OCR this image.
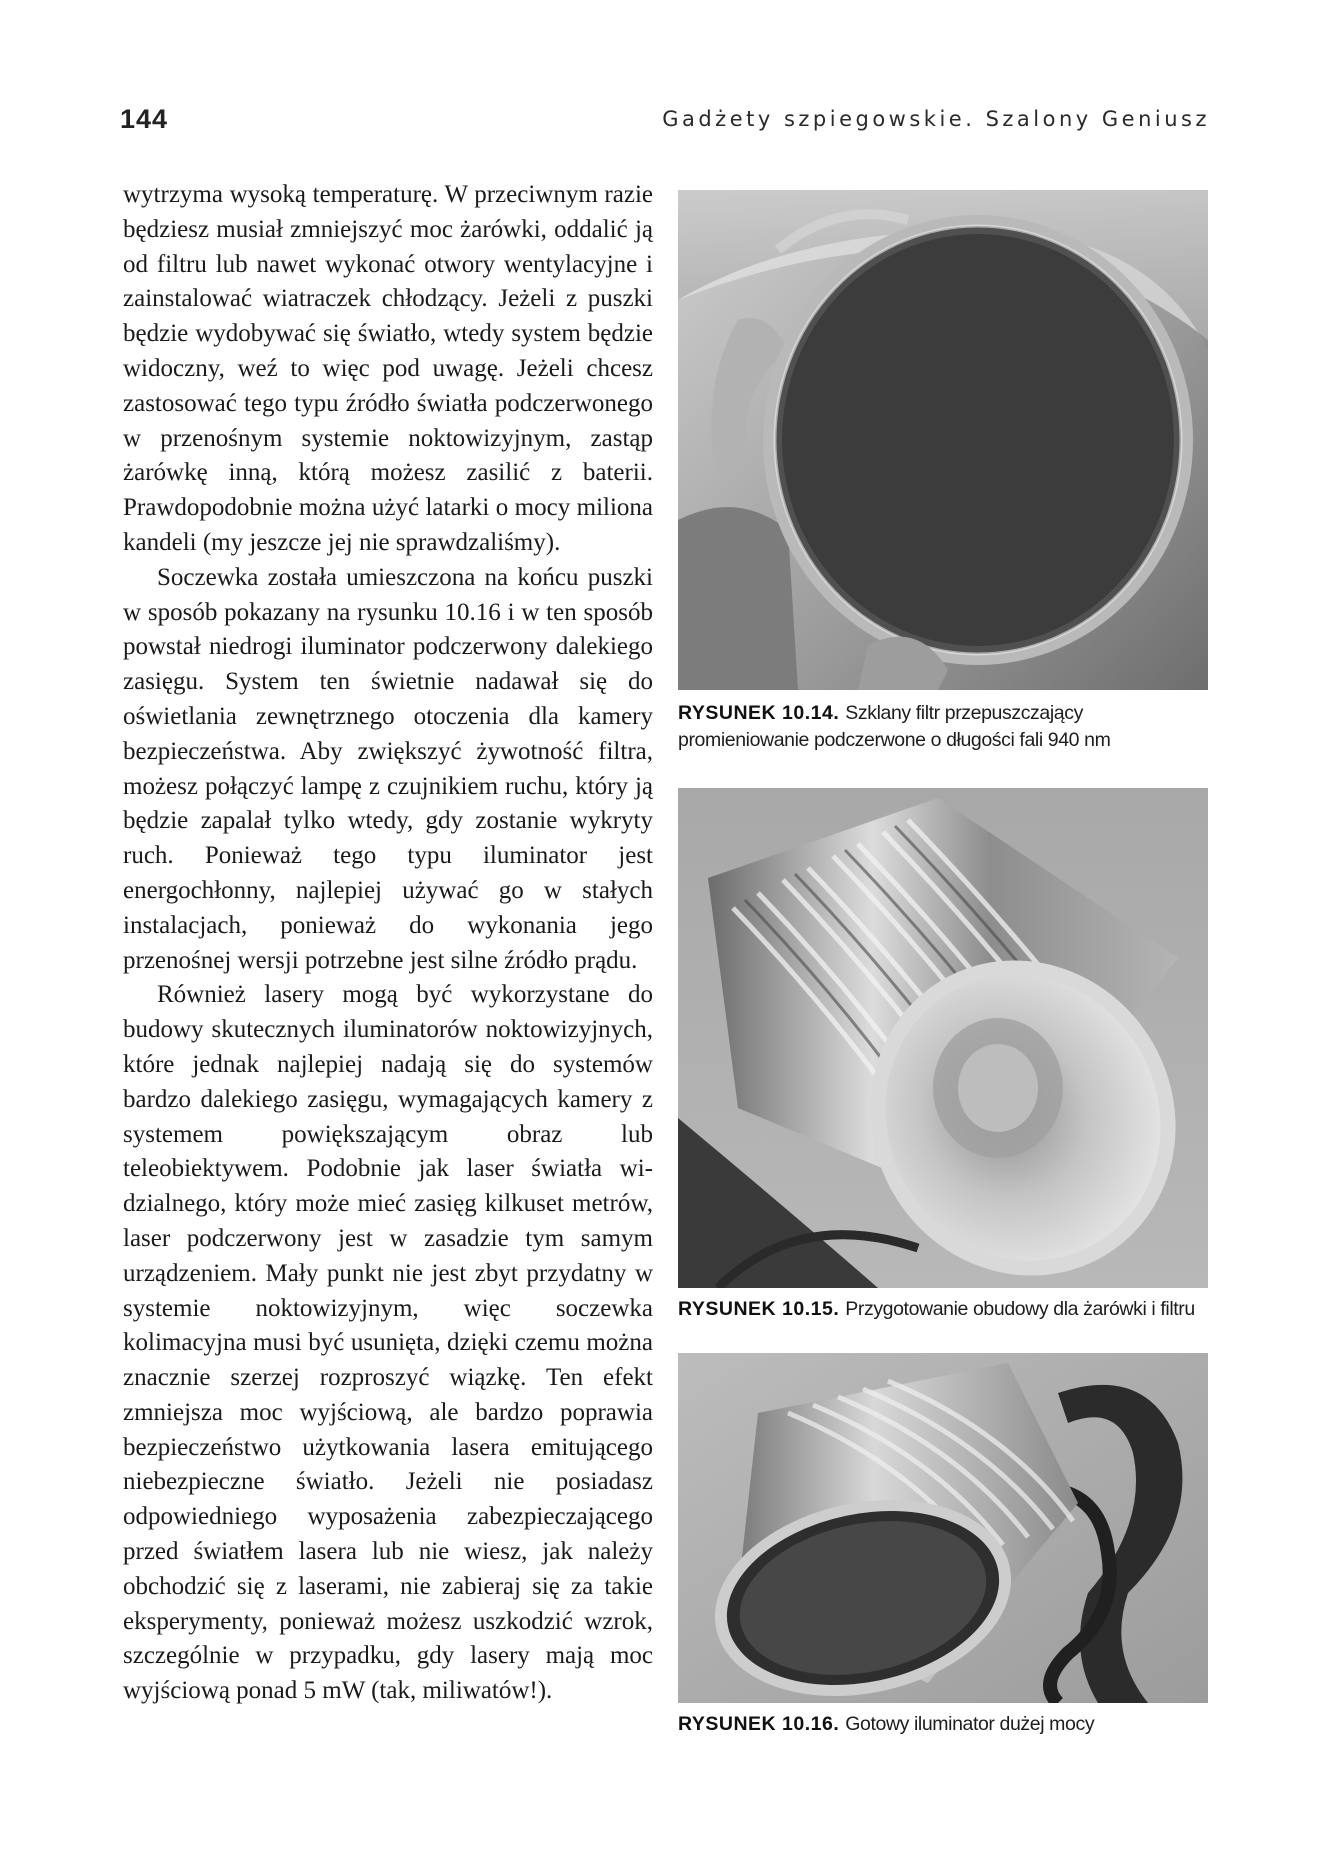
144	Gadżety szpiegowskie. Szalony Geniusz

wytrzyma wysoką temperaturę. W przeciwnym razie będziesz musiał zmniejszyć moc żarówki, oddalić ją od filtru lub nawet wykonać otwory wentylacyjne i zainstalować wiatraczek chłodzący. Jeżeli z puszki będzie wydobywać się światło, wtedy system będzie widoczny, weź to więc pod uwagę. Jeżeli chcesz zastosować tego typu źródło światła podczerwonego w przenośnym systemie noktowizyjnym, zastąp żarówkę inną, którą możesz zasilić z baterii. Prawdopodobnie można użyć latarki o mocy miliona kandeli (my jeszcze jej nie sprawdzaliśmy).

Soczewka została umieszczona na końcu puszki w sposób pokazany na rysunku 10.16 i w ten sposób powstał niedrogi iluminator podczerwony dalekiego zasięgu. System ten świetnie nadawał się do oświetlania zewnętrznego otoczenia dla kamery bezpieczeństwa. Aby zwiększyć żywotność filtra, możesz połączyć lampę z czujnikiem ruchu, który ją będzie zapalał tylko wtedy, gdy zostanie wykryty ruch. Ponieważ tego typu iluminator jest energochłonny, najlepiej używać go w stałych instalacjach, ponieważ do wykonania jego przenośnej wersji potrzebne jest silne źródło prądu.

Również lasery mogą być wykorzystane do budowy skutecznych iluminatorów noktowizyjnych, które jednak najlepiej nadają się do systemów bardzo dalekiego zasięgu, wymagających kamery z systemem powiększającym obraz lub teleobiektywem. Podobnie jak laser światła widzialnego, który może mieć zasięg kilkuset metrów, laser podczerwony jest w zasadzie tym samym urządzeniem. Mały punkt nie jest zbyt przydatny w systemie noktowizyjnym, więc soczewka kolimacyjna musi być usunięta, dzięki czemu można znacznie szerzej rozproszyć wiązkę. Ten efekt zmniejsza moc wyjściową, ale bardzo poprawia bezpieczeństwo użytkowania lasera emitującego niebezpieczne światło. Jeżeli nie posiadasz odpowiedniego wyposażenia zabezpieczającego przed światłem lasera lub nie wiesz, jak należy obchodzić się z laserami, nie zabieraj się za takie eksperymenty, ponieważ możesz uszkodzić wzrok, szczególnie w przypadku, gdy lasery mają moc wyjściową ponad 5 mW (tak, miliwatów!).

RYSUNEK 10.14. Szklany filtr przepuszczający promieniowanie podczerwone o długości fali 940 nm
RYSUNEK 10.15. Przygotowanie obudowy dla żarówki i filtru
RYSUNEK 10.16. Gotowy iluminator dużej mocy
